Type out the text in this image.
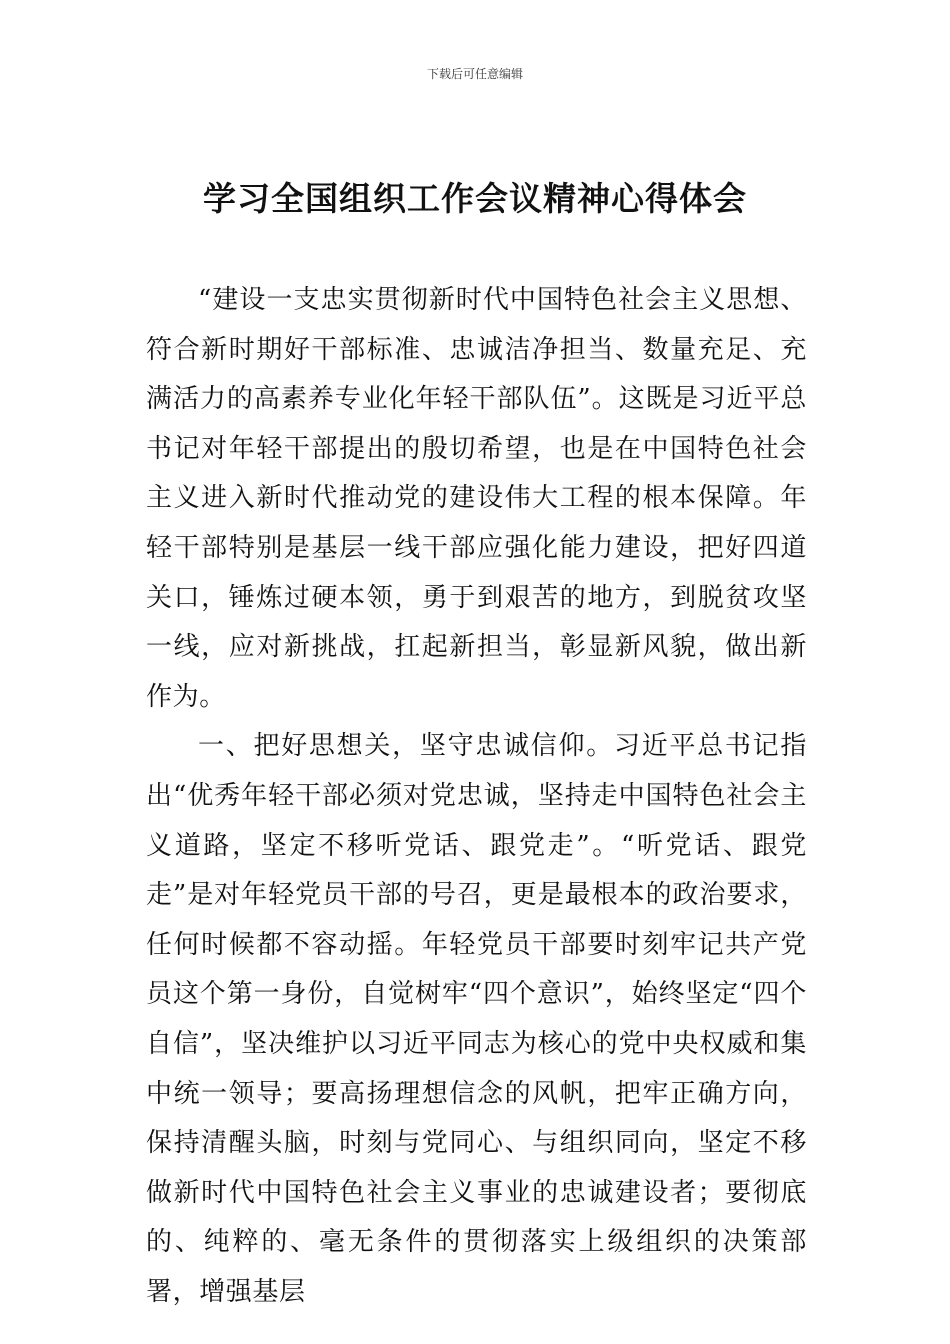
下载后可任意编辑
学习全国组织工作会议精神心得体会

“建设一支忠实贯彻新时代中国特色社会主义思想、符合新时期好干部标准、忠诚洁净担当、数量充足、充满活力的高素养专业化年轻干部队伍”。这既是习近平总书记对年轻干部提出的殷切希望，也是在中国特色社会主义进入新时代推动党的建设伟大工程的根本保障。年轻干部特别是基层一线干部应强化能力建设，把好四道关口，锤炼过硬本领，勇于到艰苦的地方，到脱贫攻坚一线，应对新挑战，扛起新担当，彰显新风貌，做出新作为。

一、把好思想关，坚守忠诚信仰。习近平总书记指出“优秀年轻干部必须对党忠诚，坚持走中国特色社会主义道路，坚定不移听党话、跟党走”。“听党话、跟党走”是对年轻党员干部的号召，更是最根本的政治要求，任何时候都不容动摇。年轻党员干部要时刻牢记共产党员这个第一身份，自觉树牢“四个意识”，始终坚定“四个自信”，坚决维护以习近平同志为核心的党中央权威和集中统一领导；要高扬理想信念的风帆，把牢正确方向，保持清醒头脑，时刻与党同心、与组织同向，坚定不移做新时代中国特色社会主义事业的忠诚建设者；要彻底的、纯粹的、毫无条件的贯彻落实上级组织的决策部署，增强基层
